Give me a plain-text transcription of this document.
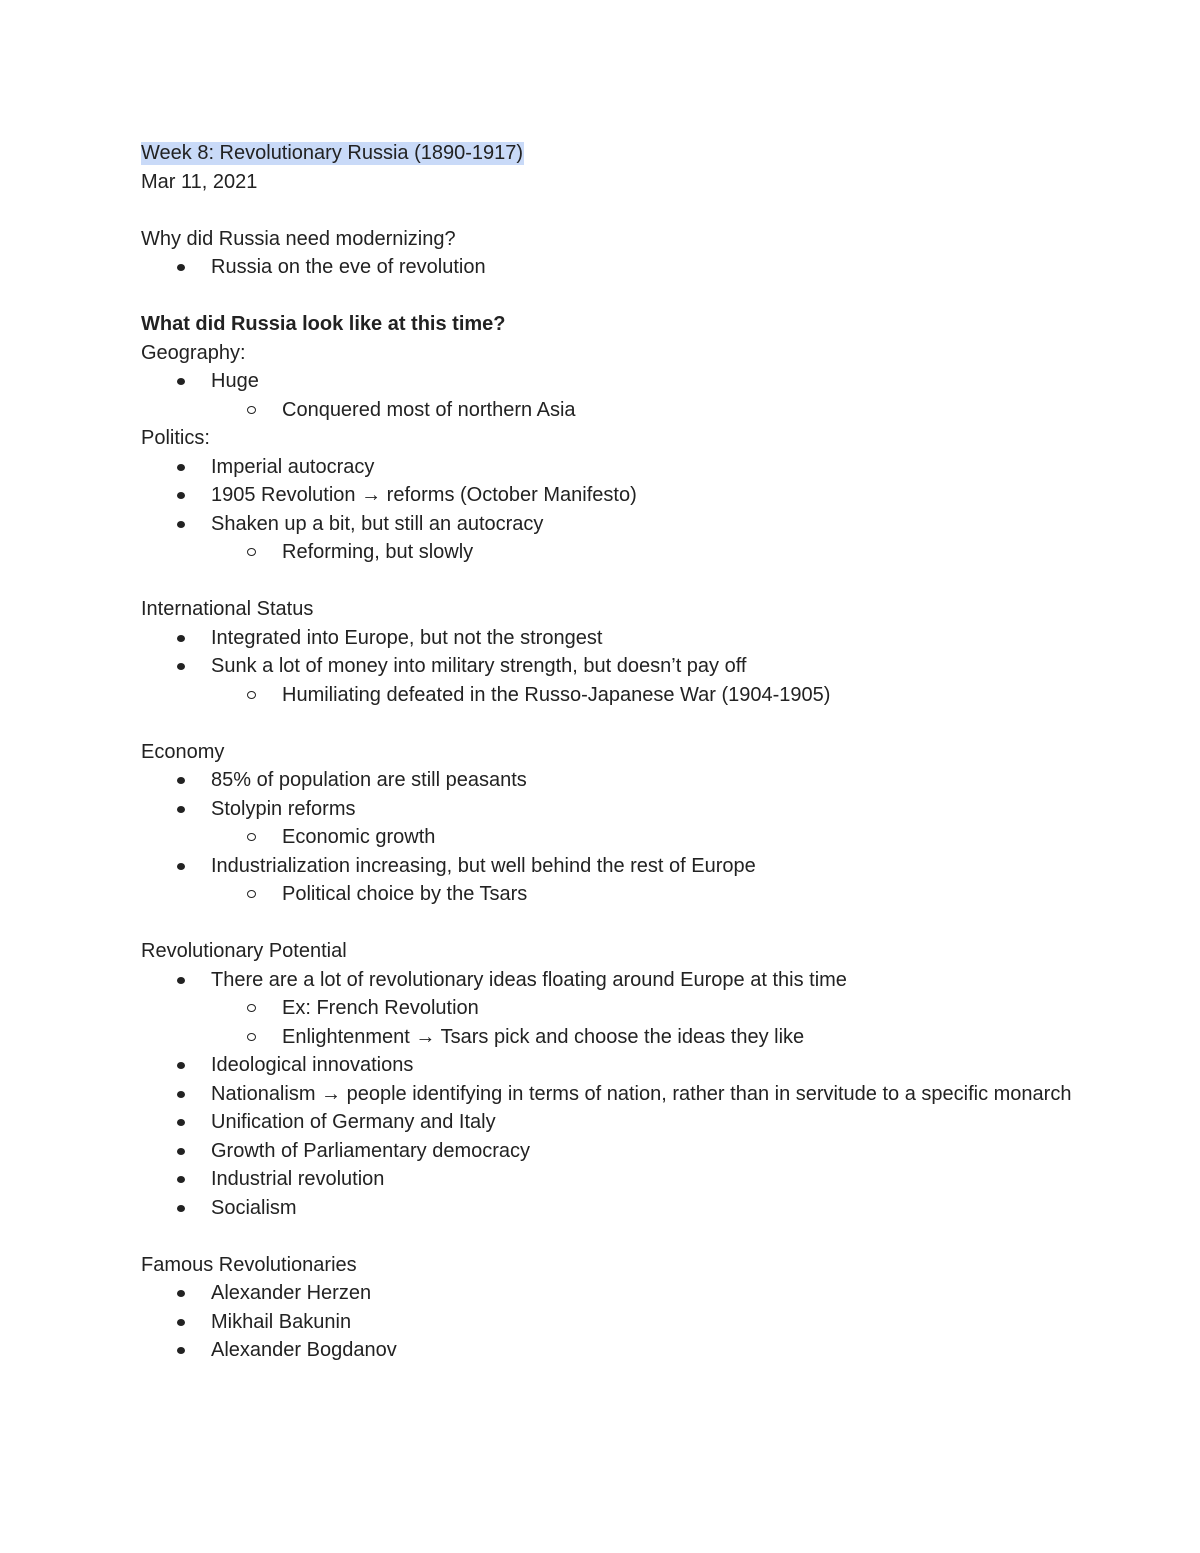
Week 8: Revolutionary Russia (1890-1917)
Mar 11, 2021
Why did Russia need modernizing?
Russia on the eve of revolution
What did Russia look like at this time?
Geography:
Huge
Conquered most of northern Asia
Politics:
Imperial autocracy
1905 Revolution → reforms (October Manifesto)
Shaken up a bit, but still an autocracy
Reforming, but slowly
International Status
Integrated into Europe, but not the strongest
Sunk a lot of money into military strength, but doesn’t pay off
Humiliating defeated in the Russo-Japanese War (1904-1905)
Economy
85% of population are still peasants
Stolypin reforms
Economic growth
Industrialization increasing, but well behind the rest of Europe
Political choice by the Tsars
Revolutionary Potential
There are a lot of revolutionary ideas floating around Europe at this time
Ex: French Revolution
Enlightenment → Tsars pick and choose the ideas they like
Ideological innovations
Nationalism → people identifying in terms of nation, rather than in servitude to a specific monarch
Unification of Germany and Italy
Growth of Parliamentary democracy
Industrial revolution
Socialism
Famous Revolutionaries
Alexander Herzen
Mikhail Bakunin
Alexander Bogdanov
